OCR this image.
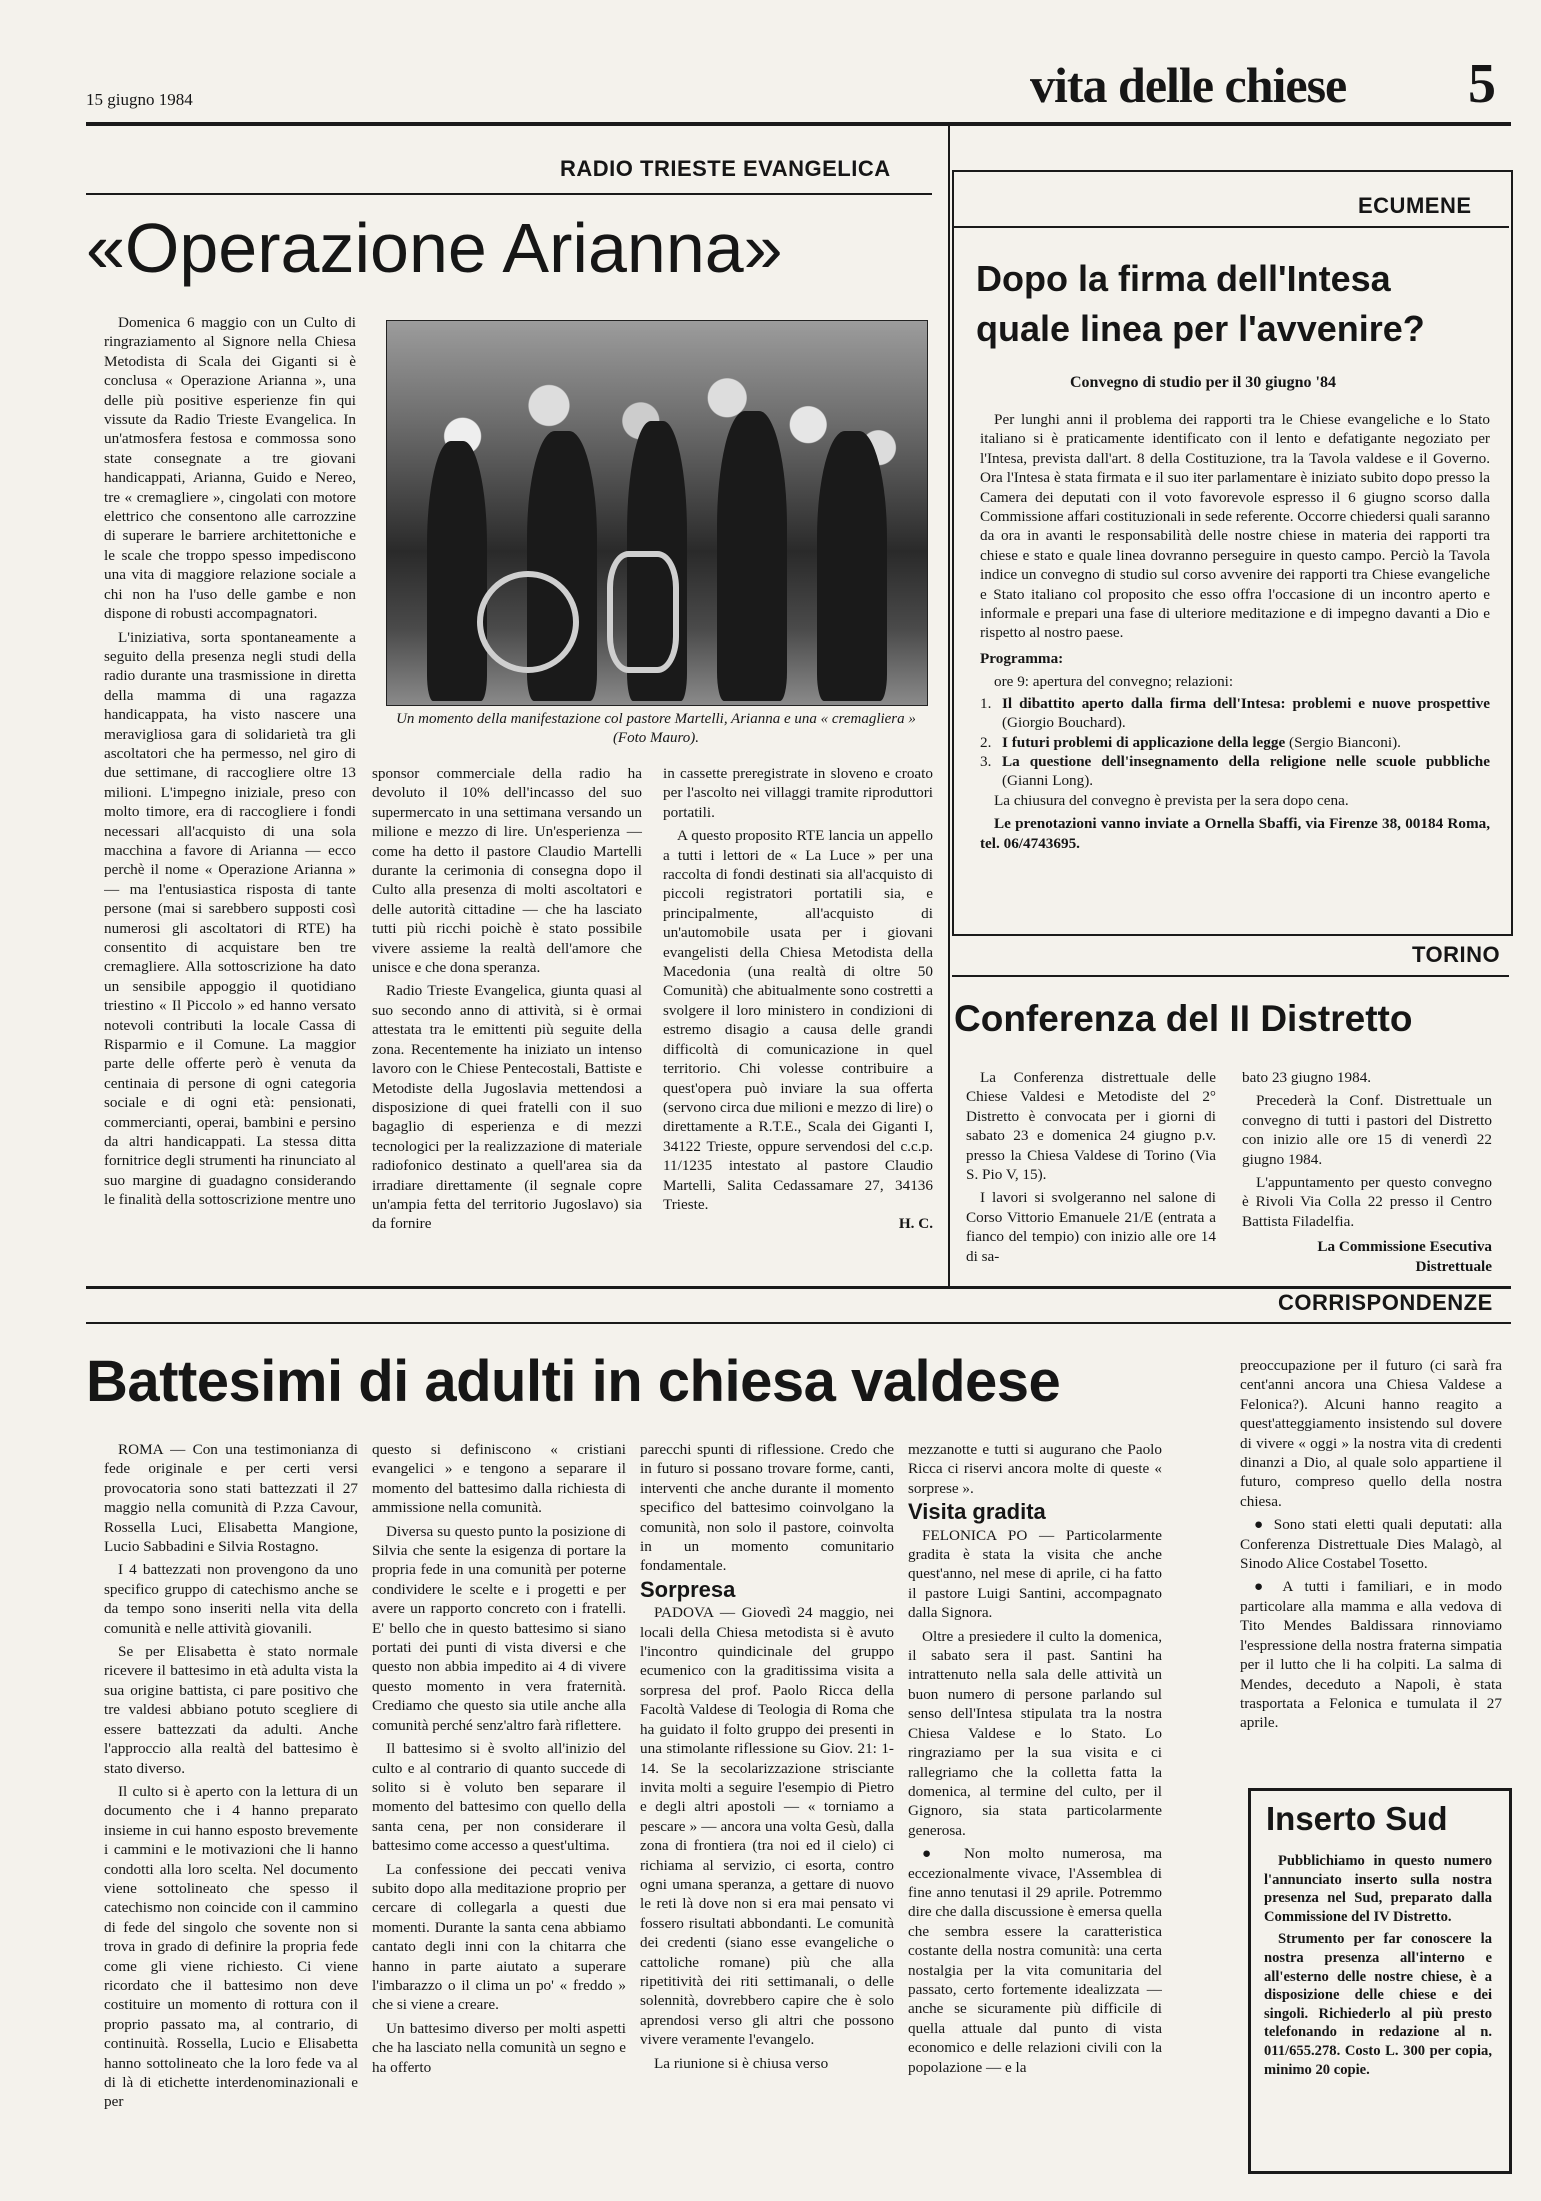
15 giugno 1984	vita delle chiese 5
RADIO TRIESTE EVANGELICA
«Operazione Arianna»

Domenica 6 maggio con un Culto di ringraziamento al Signore nella Chiesa Metodista di Scala dei Giganti si è conclusa « Operazione Arianna », una delle più positive esperienze fin qui vissute da Radio Trieste Evangelica. In un'atmosfera festosa e commossa sono state consegnate a tre giovani handicappati, Arianna, Guido e Nereo, tre « cremagliere », cingolati con motore elettrico che consentono alle carrozzine di superare le barriere architettoniche e le scale che troppo spesso impediscono una vita di maggiore relazione sociale a chi non ha l'uso delle gambe e non dispone di robusti accompagnatori.

L'iniziativa, sorta spontaneamente a seguito della presenza negli studi della radio durante una trasmissione in diretta della mamma di una ragazza handicappata, ha visto nascere una meravigliosa gara di solidarietà tra gli ascoltatori che ha permesso, nel giro di due settimane, di raccogliere oltre 13 milioni. L'impegno iniziale, preso con molto timore, era di raccogliere i fondi necessari all'acquisto di una sola macchina a favore di Arianna — ecco perchè il nome « Operazione Arianna » — ma l'entusiastica risposta di tante persone (mai si sarebbero supposti così numerosi gli ascoltatori di RTE) ha consentito di acquistare ben tre cremagliere. Alla sottoscrizione ha dato un sensibile appoggio il quotidiano triestino « Il Piccolo » ed hanno versato notevoli contributi la locale Cassa di Risparmio e il Comune. La maggior parte delle offerte però è venuta da centinaia di persone di ogni categoria sociale e di ogni età: pensionati, commercianti, operai, bambini e persino da altri handicappati. La stessa ditta fornitrice degli strumenti ha rinunciato al suo margine di guadagno considerando le finalità della sottoscrizione mentre uno

Un momento della manifestazione col pastore Martelli, Arianna e una « cremagliera » (Foto Mauro).

sponsor commerciale della radio ha devoluto il 10% dell'incasso del suo supermercato in una settimana versando un milione e mezzo di lire. Un'esperienza — come ha detto il pastore Claudio Martelli durante la cerimonia di consegna dopo il Culto alla presenza di molti ascoltatori e delle autorità cittadine — che ha lasciato tutti più ricchi poichè è stato possibile vivere assieme la realtà dell'amore che unisce e che dona speranza.

Radio Trieste Evangelica, giunta quasi al suo secondo anno di attività, si è ormai attestata tra le emittenti più seguite della zona. Recentemente ha iniziato un intenso lavoro con le Chiese Pentecostali, Battiste e Metodiste della Jugoslavia mettendosi a disposizione di quei fratelli con il suo bagaglio di esperienza e di mezzi tecnologici per la realizzazione di materiale radiofonico destinato a quell'area sia da irradiare direttamente (il segnale copre un'ampia fetta del territorio Jugoslavo) sia da fornire

in cassette preregistrate in sloveno e croato per l'ascolto nei villaggi tramite riproduttori portatili.

A questo proposito RTE lancia un appello a tutti i lettori de « La Luce » per una raccolta di fondi destinati sia all'acquisto di piccoli registratori portatili sia, e principalmente, all'acquisto di un'automobile usata per i giovani evangelisti della Chiesa Metodista della Macedonia (una realtà di oltre 50 Comunità) che abitualmente sono costretti a svolgere il loro ministero in condizioni di estremo disagio a causa delle grandi difficoltà di comunicazione in quel territorio. Chi volesse contribuire a quest'opera può inviare la sua offerta (servono circa due milioni e mezzo di lire) o direttamente a R.T.E., Scala dei Giganti I, 34122 Trieste, oppure servendosi del c.c.p. 11/1235 intestato al pastore Claudio Martelli, Salita Cedassamare 27, 34136 Trieste.

H. C.
ECUMENE
Dopo la firma dell'Intesa
quale linea per l'avvenire?
Convegno di studio per il 30 giugno '84

Per lunghi anni il problema dei rapporti tra le Chiese evangeliche e lo Stato italiano si è praticamente identificato con il lento e defatigante negoziato per l'Intesa, prevista dall'art. 8 della Costituzione, tra la Tavola valdese e il Governo. Ora l'Intesa è stata firmata e il suo iter parlamentare è iniziato subito dopo presso la Camera dei deputati con il voto favorevole espresso il 6 giugno scorso dalla Commissione affari costituzionali in sede referente. Occorre chiedersi quali saranno da ora in avanti le responsabilità delle nostre chiese in materia dei rapporti tra chiese e stato e quale linea dovranno perseguire in questo campo. Perciò la Tavola indice un convegno di studio sul corso avvenire dei rapporti tra Chiese evangeliche e Stato italiano col proposito che esso offra l'occasione di un incontro aperto e informale e prepari una fase di ulteriore meditazione e di impegno davanti a Dio e rispetto al nostro paese.

Programma:

ore 9: apertura del convegno; relazioni:

1. Il dibattito aperto dalla firma dell'Intesa: problemi e nuove prospettive (Giorgio Bouchard).
2. I futuri problemi di applicazione della legge (Sergio Bianconi).
3. La questione dell'insegnamento della religione nelle scuole pubbliche (Gianni Long).

La chiusura del convegno è prevista per la sera dopo cena.

Le prenotazioni vanno inviate a Ornella Sbaffi, via Firenze 38, 00184 Roma, tel. 06/4743695.

TORINO
Conferenza del II Distretto

La Conferenza distrettuale delle Chiese Valdesi e Metodiste del 2° Distretto è convocata per i giorni di sabato 23 e domenica 24 giugno p.v. presso la Chiesa Valdese di Torino (Via S. Pio V, 15).

I lavori si svolgeranno nel salone di Corso Vittorio Emanuele 21/E (entrata a fianco del tempio) con inizio alle ore 14 di sa-

bato 23 giugno 1984.

Precederà la Conf. Distrettuale un convegno di tutti i pastori del Distretto con inizio alle ore 15 di venerdì 22 giugno 1984.

L'appuntamento per questo convegno è Rivoli Via Colla 22 presso il Centro Battista Filadelfia.

La Commissione Esecutiva Distrettuale
CORRISPONDENZE
Battesimi di adulti in chiesa valdese

ROMA — Con una testimonianza di fede originale e per certi versi provocatoria sono stati battezzati il 27 maggio nella comunità di P.zza Cavour, Rossella Luci, Elisabetta Mangione, Lucio Sabbadini e Silvia Rostagno.

I 4 battezzati non provengono da uno specifico gruppo di catechismo anche se da tempo sono inseriti nella vita della comunità e nelle attività giovanili.

Se per Elisabetta è stato normale ricevere il battesimo in età adulta vista la sua origine battista, ci pare positivo che tre valdesi abbiano potuto scegliere di essere battezzati da adulti. Anche l'approccio alla realtà del battesimo è stato diverso.

Il culto si è aperto con la lettura di un documento che i 4 hanno preparato insieme in cui hanno esposto brevemente i cammini e le motivazioni che li hanno condotti alla loro scelta. Nel documento viene sottolineato che spesso il catechismo non coincide con il cammino di fede del singolo che sovente non si trova in grado di definire la propria fede come gli viene richiesto. Ci viene ricordato che il battesimo non deve costituire un momento di rottura con il proprio passato ma, al contrario, di continuità. Rossella, Lucio e Elisabetta hanno sottolineato che la loro fede va al di là di etichette interdenominazionali e per

questo si definiscono « cristiani evangelici » e tengono a separare il momento del battesimo dalla richiesta di ammissione nella comunità.

Diversa su questo punto la posizione di Silvia che sente la esigenza di portare la propria fede in una comunità per poterne condividere le scelte e i progetti e per avere un rapporto concreto con i fratelli. E' bello che in questo battesimo si siano portati dei punti di vista diversi e che questo non abbia impedito ai 4 di vivere questo momento in vera fraternità. Crediamo che questo sia utile anche alla comunità perché senz'altro farà riflettere.

Il battesimo si è svolto all'inizio del culto e al contrario di quanto succede di solito si è voluto ben separare il momento del battesimo con quello della santa cena, per non considerare il battesimo come accesso a quest'ultima.

La confessione dei peccati veniva subito dopo alla meditazione proprio per cercare di collegarla a questi due momenti. Durante la santa cena abbiamo cantato degli inni con la chitarra che hanno in parte aiutato a superare l'imbarazzo o il clima un po' « freddo » che si viene a creare.

Un battesimo diverso per molti aspetti che ha lasciato nella comunità un segno e ha offerto

parecchi spunti di riflessione. Credo che in futuro si possano trovare forme, canti, interventi che anche durante il momento specifico del battesimo coinvolgano la comunità, non solo il pastore, coinvolta in un momento comunitario fondamentale.

Sorpresa

PADOVA — Giovedì 24 maggio, nei locali della Chiesa metodista si è avuto l'incontro quindicinale del gruppo ecumenico con la graditissima visita a sorpresa del prof. Paolo Ricca della Facoltà Valdese di Teologia di Roma che ha guidato il folto gruppo dei presenti in una stimolante riflessione su Giov. 21: 1-14. Se la secolarizzazione strisciante invita molti a seguire l'esempio di Pietro e degli altri apostoli — « torniamo a pescare » — ancora una volta Gesù, dalla zona di frontiera (tra noi ed il cielo) ci richiama al servizio, ci esorta, contro ogni umana speranza, a gettare di nuovo le reti là dove non si era mai pensato vi fossero risultati abbondanti. Le comunità dei credenti (siano esse evangeliche o cattoliche romane) più che alla ripetitività dei riti settimanali, o delle solennità, dovrebbero capire che è solo aprendosi verso gli altri che possono vivere veramente l'evangelo.

La riunione si è chiusa verso

mezzanotte e tutti si augurano che Paolo Ricca ci riservi ancora molte di queste « sorprese ».

Visita gradita

FELONICA PO — Particolarmente gradita è stata la visita che anche quest'anno, nel mese di aprile, ci ha fatto il pastore Luigi Santini, accompagnato dalla Signora.

Oltre a presiedere il culto la domenica, il sabato sera il past. Santini ha intrattenuto nella sala delle attività un buon numero di persone parlando sul senso dell'Intesa stipulata tra la nostra Chiesa Valdese e lo Stato. Lo ringraziamo per la sua visita e ci rallegriamo che la colletta fatta la domenica, al termine del culto, per il Gignoro, sia stata particolarmente generosa.

● Non molto numerosa, ma eccezionalmente vivace, l'Assemblea di fine anno tenutasi il 29 aprile. Potremmo dire che dalla discussione è emersa quella che sembra essere la caratteristica costante della nostra comunità: una certa nostalgia per la vita comunitaria del passato, certo fortemente idealizzata — anche se sicuramente più difficile di quella attuale dal punto di vista economico e delle relazioni civili con la popolazione — e la

preoccupazione per il futuro (ci sarà fra cent'anni ancora una Chiesa Valdese a Felonica?). Alcuni hanno reagito a quest'atteggiamento insistendo sul dovere di vivere « oggi » la nostra vita di credenti dinanzi a Dio, al quale solo appartiene il futuro, compreso quello della nostra chiesa.

● Sono stati eletti quali deputati: alla Conferenza Distrettuale Dies Malagò, al Sinodo Alice Costabel Tosetto.

● A tutti i familiari, e in modo particolare alla mamma e alla vedova di Tito Mendes Baldissara rinnoviamo l'espressione della nostra fraterna simpatia per il lutto che li ha colpiti. La salma di Mendes, deceduto a Napoli, è stata trasportata a Felonica e tumulata il 27 aprile.

Inserto Sud

Pubblichiamo in questo numero l'annunciato inserto sulla nostra presenza nel Sud, preparato dalla Commissione del IV Distretto.

Strumento per far conoscere la nostra presenza all'interno e all'esterno delle nostre chiese, è a disposizione delle chiese e dei singoli. Richiederlo al più presto telefonando in redazione al n. 011/655.278. Costo L. 300 per copia, minimo 20 copie.
